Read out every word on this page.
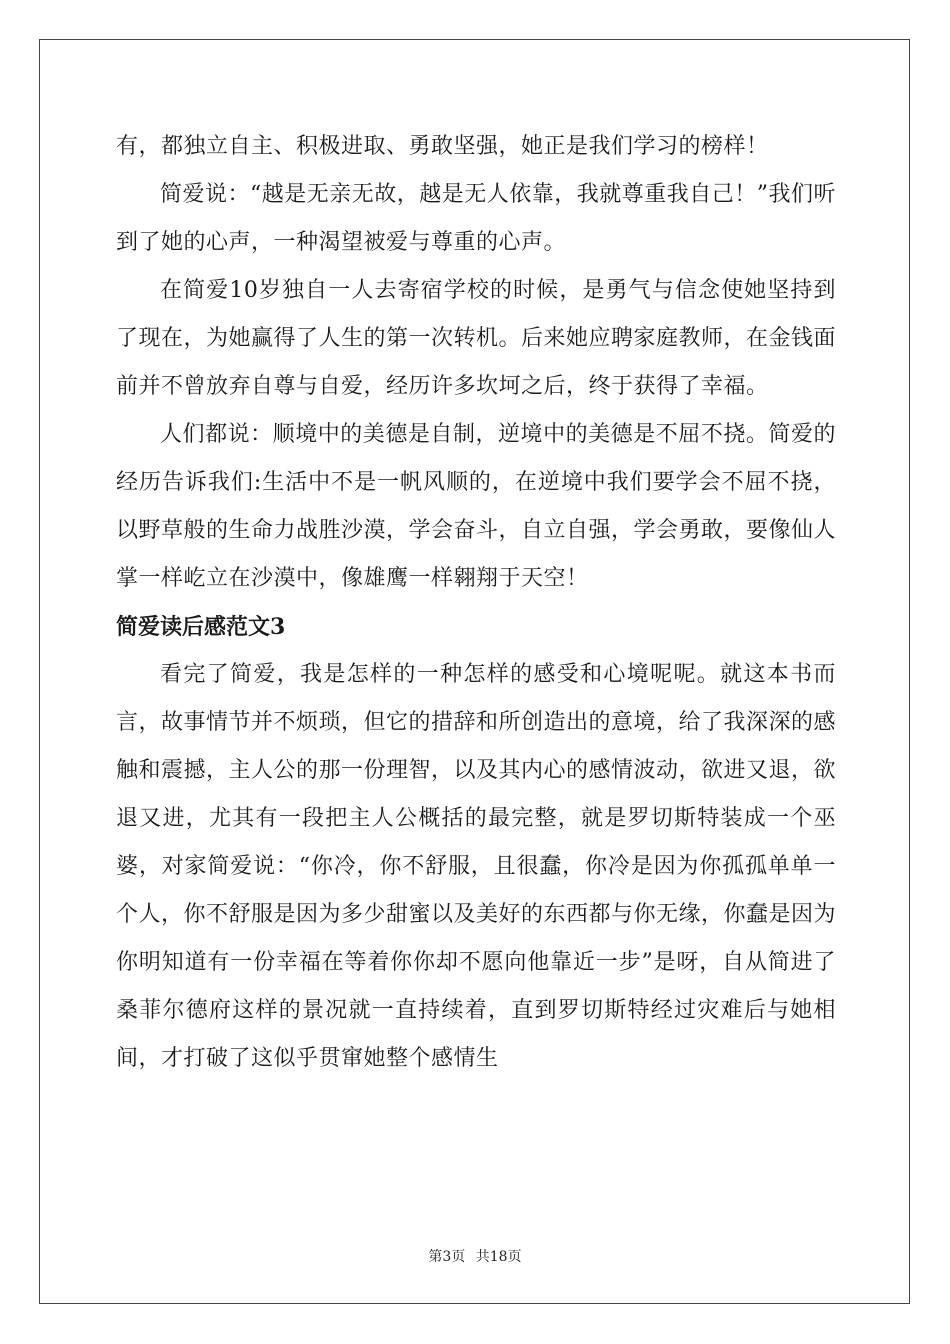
有，都独立自主、积极进取、勇敢坚强，她正是我们学习的榜样！

简爱说：“越是无亲无故，越是无人依靠，我就尊重我自己！”我们听到了她的心声，一种渴望被爱与尊重的心声。

在简爱10岁独自一人去寄宿学校的时候，是勇气与信念使她坚持到了现在，为她赢得了人生的第一次转机。后来她应聘家庭教师，在金钱面前并不曾放弃自尊与自爱，经历许多坎坷之后，终于获得了幸福。

人们都说：顺境中的美德是自制，逆境中的美德是不屈不挠。简爱的经历告诉我们:生活中不是一帆风顺的，在逆境中我们要学会不屈不挠，以野草般的生命力战胜沙漠，学会奋斗，自立自强，学会勇敢，要像仙人掌一样屹立在沙漠中，像雄鹰一样翱翔于天空！

简爱读后感范文3

看完了简爱，我是怎样的一种怎样的感受和心境呢呢。就这本书而言，故事情节并不烦琐，但它的措辞和所创造出的意境，给了我深深的感触和震撼，主人公的那一份理智，以及其内心的感情波动，欲进又退，欲退又进，尤其有一段把主人公概括的最完整，就是罗切斯特装成一个巫婆，对家简爱说：“你冷，你不舒服，且很蠢，你冷是因为你孤孤单单一个人，你不舒服是因为多少甜蜜以及美好的东西都与你无缘，你蠢是因为你明知道有一份幸福在等着你你却不愿向他靠近一步”是呀，自从简进了桑菲尔德府这样的景况就一直持续着，直到罗切斯特经过灾难后与她相间，才打破了这似乎贯窜她整个感情生

第3页 共18页
